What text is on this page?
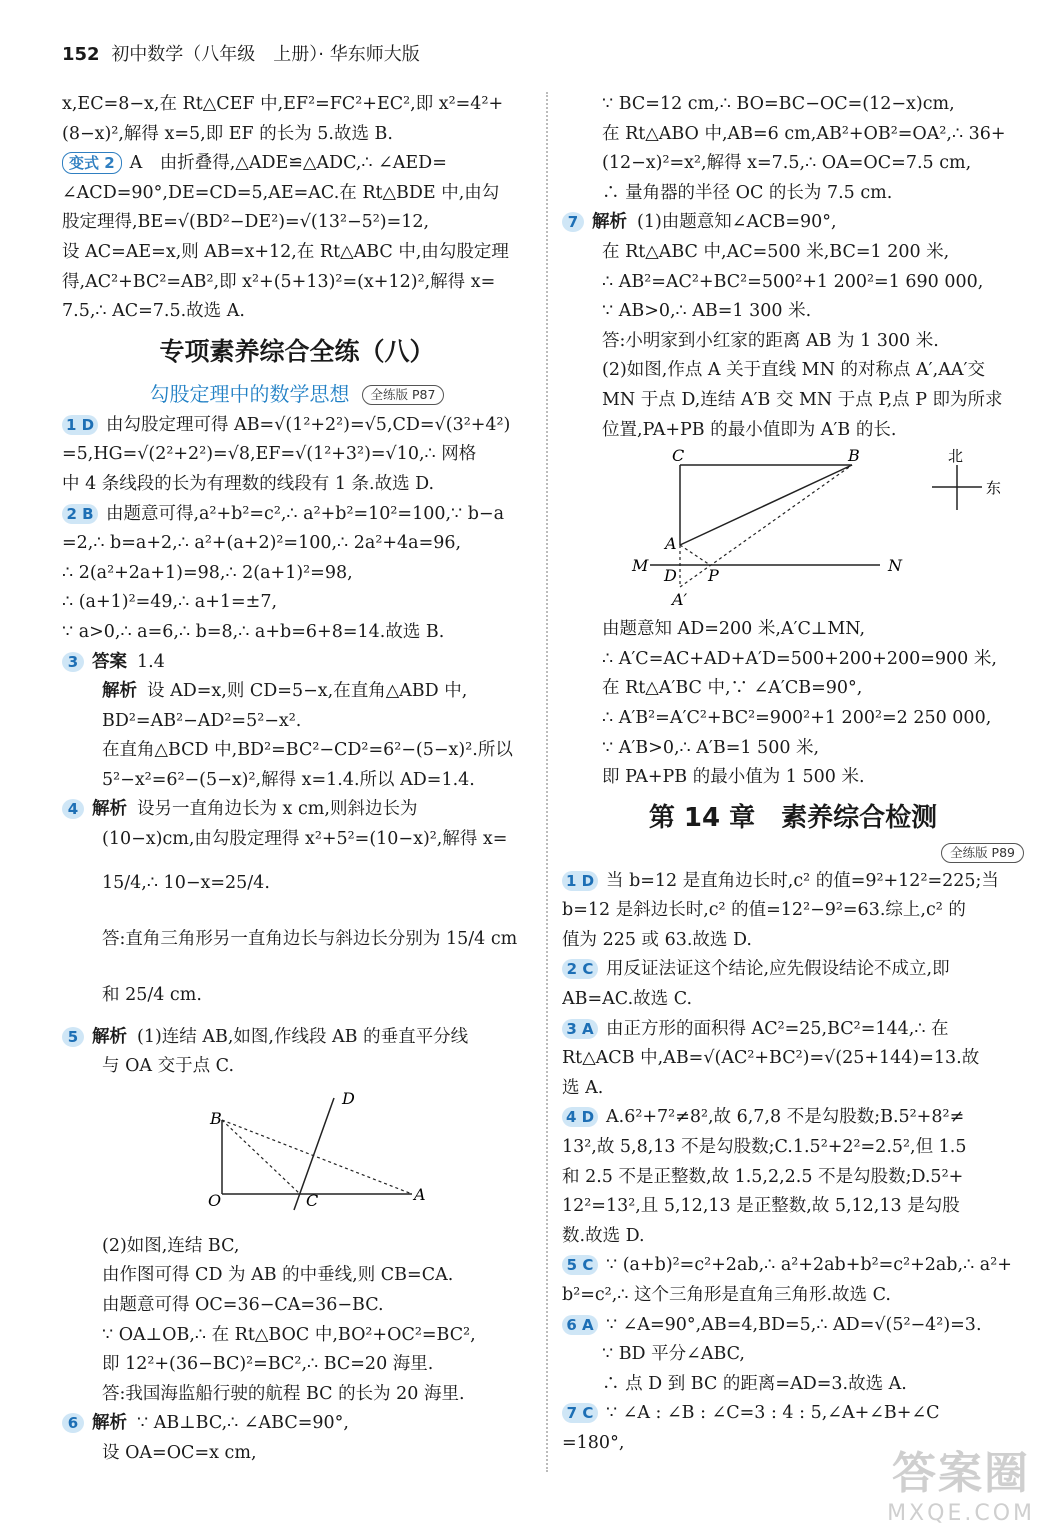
152 初中数学（八年级　上册）· 华东师大版
x,EC=8−x,在 Rt△CEF 中,EF²=FC²+EC²,即 x²=4²+
(8−x)²,解得 x=5,即 EF 的长为 5.故选 B.
变式 2 A　由折叠得,△ADE≌△ADC,∴ ∠AED=
∠ACD=90°,DE=CD=5,AE=AC.在 Rt△BDE 中,由勾
股定理得,BE=√(BD²−DE²)=√(13²−5²)=12,
设 AC=AE=x,则 AB=x+12,在 Rt△ABC 中,由勾股定理
得,AC²+BC²=AB²,即 x²+(5+13)²=(x+12)²,解得 x=
7.5,∴ AC=7.5.故选 A.
专项素养综合全练（八）
勾股定理中的数学思想 全练版 P87
1 D 由勾股定理可得 AB=√(1²+2²)=√5,CD=√(3²+4²)
=5,HG=√(2²+2²)=√8,EF=√(1²+3²)=√10,∴ 网格
中 4 条线段的长为有理数的线段有 1 条.故选 D.
2 B 由题意可得,a²+b²=c²,∴ a²+b²=10²=100,∵ b−a
=2,∴ b=a+2,∴ a²+(a+2)²=100,∴ 2a²+4a=96,
∴ 2(a²+2a+1)=98,∴ 2(a+1)²=98,
∴ (a+1)²=49,∴ a+1=±7,
∵ a>0,∴ a=6,∴ b=8,∴ a+b=6+8=14.故选 B.
3 答案 1.4
解析 设 AD=x,则 CD=5−x,在直角△ABD 中,
BD²=AB²−AD²=5²−x².
在直角△BCD 中,BD²=BC²−CD²=6²−(5−x)².所以
5²−x²=6²−(5−x)²,解得 x=1.4.所以 AD=1.4.
4 解析 设另一直角边长为 x cm,则斜边长为
(10−x)cm,由勾股定理得 x²+5²=(10−x)²,解得 x=
15/4,∴ 10−x=25/4.
答:直角三角形另一直角边长与斜边长分别为 15/4 cm
和 25/4 cm.
5 解析 (1)连结 AB,如图,作线段 AB 的垂直平分线
与 OA 交于点 C.
B
O	A
C
D
(2)如图,连结 BC,
由作图可得 CD 为 AB 的中垂线,则 CB=CA.
由题意可得 OC=36−CA=36−BC.
∵ OA⊥OB,∴ 在 Rt△BOC 中,BO²+OC²=BC²,
即 12²+(36−BC)²=BC²,∴ BC=20 海里.
答:我国海监船行驶的航程 BC 的长为 20 海里.
6 解析 ∵ AB⊥BC,∴ ∠ABC=90°,
设 OA=OC=x cm,
∵ BC=12 cm,∴ BO=BC−OC=(12−x)cm,
在 Rt△ABO 中,AB=6 cm,AB²+OB²=OA²,∴ 36+
(12−x)²=x²,解得 x=7.5,∴ OA=OC=7.5 cm,
∴ 量角器的半径 OC 的长为 7.5 cm.
7 解析 (1)由题意知∠ACB=90°,
在 Rt△ABC 中,AC=500 米,BC=1 200 米,
∴ AB²=AC²+BC²=500²+1 200²=1 690 000,
∵ AB>0,∴ AB=1 300 米.
答:小明家到小红家的距离 AB 为 1 300 米.
(2)如图,作点 A 关于直线 MN 的对称点 A′,AA′交
MN 于点 D,连结 A′B 交 MN 于点 P,点 P 即为所求
位置,PA+PB 的最小值即为 A′B 的长.
C	B
A
M
D P
N
A′
北
东
由题意知 AD=200 米,A′C⊥MN,
∴ A′C=AC+AD+A′D=500+200+200=900 米,
在 Rt△A′BC 中,∵ ∠A′CB=90°,
∴ A′B²=A′C²+BC²=900²+1 200²=2 250 000,
∵ A′B>0,∴ A′B=1 500 米,
即 PA+PB 的最小值为 1 500 米.
第 14 章　素养综合检测
全练版 P89
1 D 当 b=12 是直角边长时,c² 的值=9²+12²=225;当
b=12 是斜边长时,c² 的值=12²−9²=63.综上,c² 的
值为 225 或 63.故选 D.
2 C 用反证法证这个结论,应先假设结论不成立,即
AB=AC.故选 C.
3 A 由正方形的面积得 AC²=25,BC²=144,∴ 在
Rt△ACB 中,AB=√(AC²+BC²)=√(25+144)=13.故
选 A.
4 D A.6²+7²≠8²,故 6,7,8 不是勾股数;B.5²+8²≠
13²,故 5,8,13 不是勾股数;C.1.5²+2²=2.5²,但 1.5
和 2.5 不是正整数,故 1.5,2,2.5 不是勾股数;D.5²+
12²=13²,且 5,12,13 是正整数,故 5,12,13 是勾股
数.故选 D.
5 C ∵ (a+b)²=c²+2ab,∴ a²+2ab+b²=c²+2ab,∴ a²+
b²=c²,∴ 这个三角形是直角三角形.故选 C.
6 A ∵ ∠A=90°,AB=4,BD=5,∴ AD=√(5²−4²)=3.
∵ BD 平分∠ABC,
∴ 点 D 到 BC 的距离=AD=3.故选 A.
7 C ∵ ∠A : ∠B : ∠C=3 : 4 : 5,∠A+∠B+∠C
=180°,
答案圈
MXQE.COM
